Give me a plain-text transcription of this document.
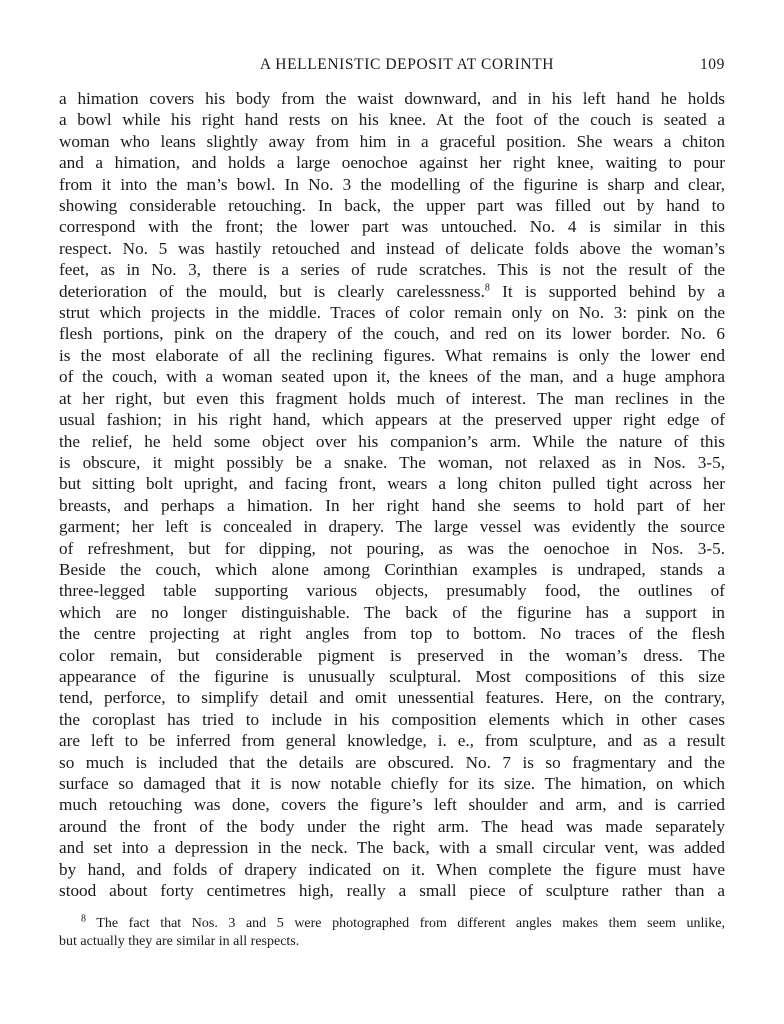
A HELLENISTIC DEPOSIT AT CORINTH	109
a himation covers his body from the waist downward, and in his left hand he holds
a bowl while his right hand rests on his knee. At the foot of the couch is seated a
woman who leans slightly away from him in a graceful position. She wears a chiton
and a himation, and holds a large oenochoe against her right knee, waiting to pour
from it into the man’s bowl. In No. 3 the modelling of the figurine is sharp and clear,
showing considerable retouching. In back, the upper part was filled out by hand to
correspond with the front; the lower part was untouched. No. 4 is similar in this
respect. No. 5 was hastily retouched and instead of delicate folds above the woman’s
feet, as in No. 3, there is a series of rude scratches. This is not the result of the
deterioration of the mould, but is clearly carelessness.$^8$ It is supported behind by a
strut which projects in the middle. Traces of color remain only on No. 3: pink on the
flesh portions, pink on the drapery of the couch, and red on its lower border. No. 6
is the most elaborate of all the reclining figures. What remains is only the lower end
of the couch, with a woman seated upon it, the knees of the man, and a huge amphora
at her right, but even this fragment holds much of interest. The man reclines in the
usual fashion; in his right hand, which appears at the preserved upper right edge of
the relief, he held some object over his companion’s arm. While the nature of this
is obscure, it might possibly be a snake. The woman, not relaxed as in Nos. 3-5,
but sitting bolt upright, and facing front, wears a long chiton pulled tight across her
breasts, and perhaps a himation. In her right hand she seems to hold part of her
garment; her left is concealed in drapery. The large vessel was evidently the source
of refreshment, but for dipping, not pouring, as was the oenochoe in Nos. 3-5.
Beside the couch, which alone among Corinthian examples is undraped, stands a
three-legged table supporting various objects, presumably food, the outlines of
which are no longer distinguishable. The back of the figurine has a support in
the centre projecting at right angles from top to bottom. No traces of the flesh
color remain, but considerable pigment is preserved in the woman’s dress. The
appearance of the figurine is unusually sculptural. Most compositions of this size
tend, perforce, to simplify detail and omit unessential features. Here, on the contrary,
the coroplast has tried to include in his composition elements which in other cases
are left to be inferred from general knowledge, i. e., from sculpture, and as a result
so much is included that the details are obscured. No. 7 is so fragmentary and the
surface so damaged that it is now notable chiefly for its size. The himation, on which
much retouching was done, covers the figure’s left shoulder and arm, and is carried
around the front of the body under the right arm. The head was made separately
and set into a depression in the neck. The back, with a small circular vent, was added
by hand, and folds of drapery indicated on it. When complete the figure must have
stood about forty centimetres high, really a small piece of sculpture rather than a
$^8$ The fact that Nos. 3 and 5 were photographed from different angles makes them seem unlike,
but actually they are similar in all respects.
